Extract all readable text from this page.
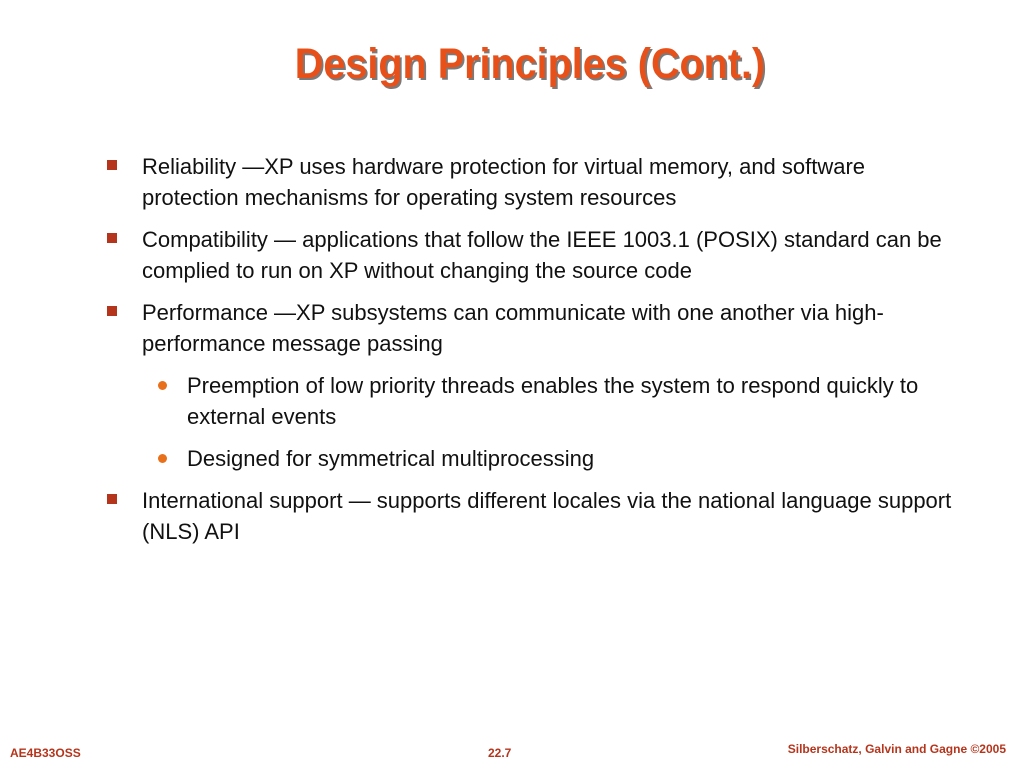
Design Principles (Cont.)
Reliability —XP uses hardware protection for virtual memory, and software protection mechanisms for operating system resources
Compatibility — applications that follow the IEEE 1003.1 (POSIX) standard can be complied to run on XP without changing the source code
Performance —XP subsystems can communicate with one another via high-performance message passing
Preemption of low priority threads enables the system to respond quickly to external events
Designed for symmetrical multiprocessing
International support — supports different locales via the national language support (NLS) API

AE4B33OSS	22.7	Silberschatz, Galvin and Gagne ©2005
